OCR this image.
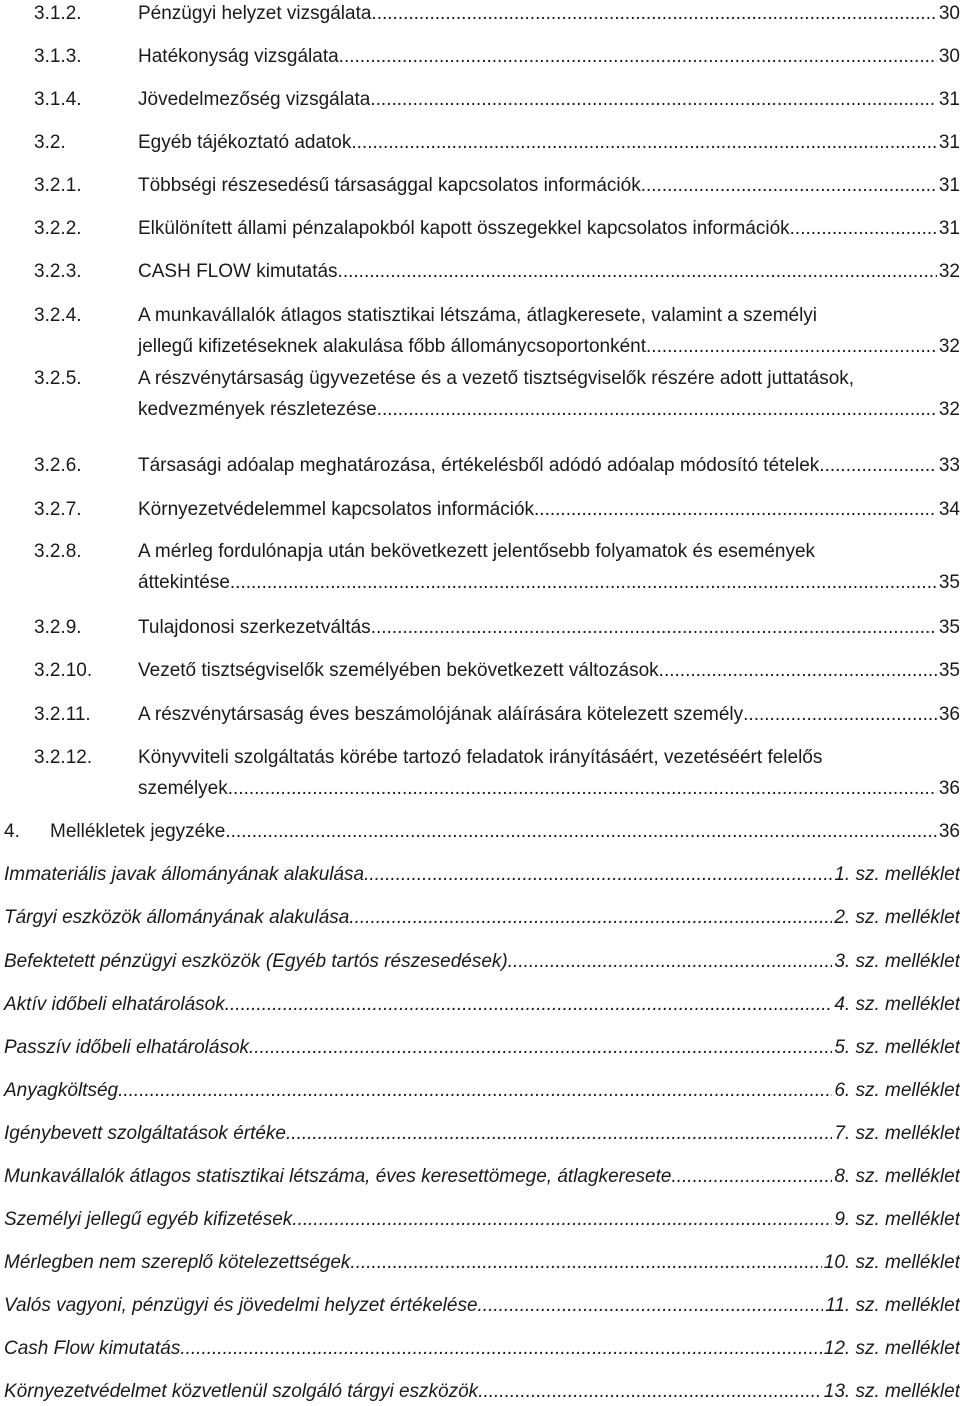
3.1.2.	Pénzügyi helyzet vizsgálata .....	30
3.1.3.	Hatékonyság vizsgálata .....	30
3.1.4.	Jövedelmezőség vizsgálata .....	31
3.2.	Egyéb tájékoztató adatok .....	31
3.2.1.	Többségi részesedésű társasággal kapcsolatos információk .....	31
3.2.2.	Elkülönített állami pénzalapokból kapott összegekkel kapcsolatos információk .....	31
3.2.3.	CASH FLOW kimutatás .....	32
3.2.4.	A munkavállalók átlagos statisztikai létszáma, átlagkeresete, valamint a személyi
jellegű kifizetéseknek alakulása főbb állománycsoportonként .....	32
3.2.5.	A részvénytársaság ügyvezetése és a vezető tisztségviselők részére adott juttatások,
kedvezmények részletezése .....	32
3.2.6.	Társasági adóalap meghatározása, értékelésből adódó adóalap módosító tételek .....	33
3.2.7.	Környezetvédelemmel kapcsolatos információk .....	34
3.2.8.	A mérleg fordulónapja után bekövetkezett jelentősebb folyamatok és események
áttekintése .....	35
3.2.9.	Tulajdonosi szerkezetváltás .....	35
3.2.10. Vezető tisztségviselők személyében bekövetkezett változások .....	35
3.2.11. A részvénytársaság éves beszámolójának aláírására kötelezett személy .....	36
3.2.12. Könyvviteli szolgáltatás körébe tartozó feladatok irányításáért, vezetéséért felelős
személyek .....	36
4. Mellékletek jegyzéke .....	36
Immateriális javak állományának alakulása .....	1. sz. melléklet
Tárgyi eszközök állományának alakulása .....	2. sz. melléklet
Befektetett pénzügyi eszközök (Egyéb tartós részesedések) .....	3. sz. melléklet
Aktív időbeli elhatárolások .....	4. sz. melléklet
Passzív időbeli elhatárolások .....	5. sz. melléklet
Anyagköltség .....	6. sz. melléklet
Igénybevett szolgáltatások értéke .....	7. sz. melléklet
Munkavállalók átlagos statisztikai létszáma, éves keresettömege, átlagkeresete .....	8. sz. melléklet
Személyi jellegű egyéb kifizetések .....	9. sz. melléklet
Mérlegben nem szereplő kötelezettségek .....	10. sz. melléklet
Valós vagyoni, pénzügyi és jövedelmi helyzet értékelése .....	11. sz. melléklet
Cash Flow kimutatás .....	12. sz. melléklet
Környezetvédelmet közvetlenül szolgáló tárgyi eszközök .....	13. sz. melléklet
